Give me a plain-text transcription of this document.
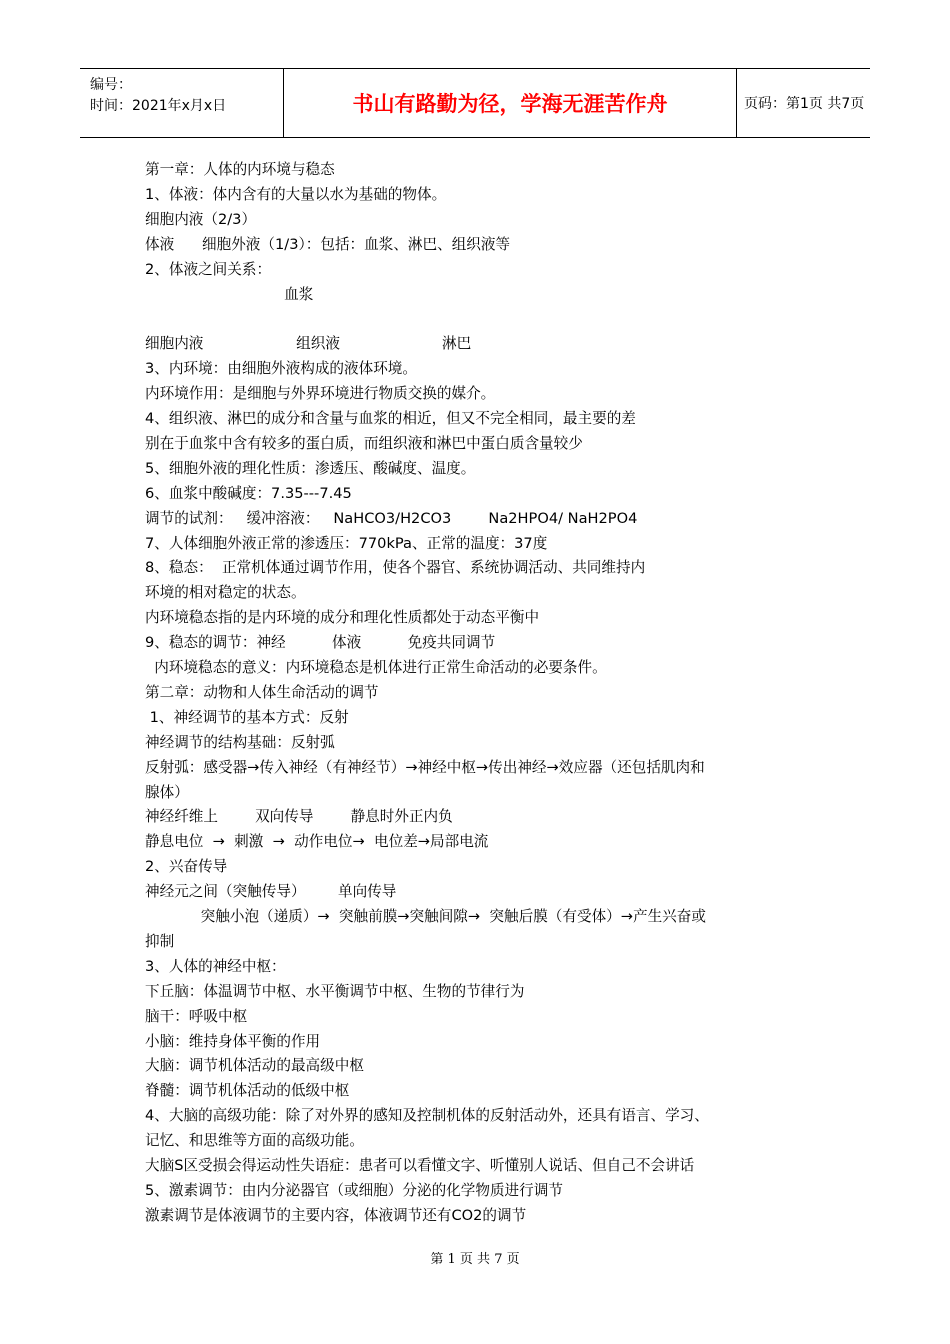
编号：
时间：2021年x月x日	书山有路勤为径，学海无涯苦作舟	页码：第1页 共7页
第一章：人体的内环境与稳态
1、体液：体内含有的大量以水为基础的物体。
细胞内液（2/3）
体液      细胞外液（1/3）：包括：血浆、淋巴、组织液等
2、体液之间关系：
血浆
细胞内液                    组织液                      淋巴
3、内环境：由细胞外液构成的液体环境。
内环境作用：是细胞与外界环境进行物质交换的媒介。
4、组织液、淋巴的成分和含量与血浆的相近，但又不完全相同，最主要的差
别在于血浆中含有较多的蛋白质，而组织液和淋巴中蛋白质含量较少
5、细胞外液的理化性质：渗透压、酸碱度、温度。
6、血浆中酸碱度：7.35---7.45
调节的试剂：   缓冲溶液：   NaHCO3/H2CO3        Na2HPO4/ NaH2PO4
7、人体细胞外液正常的渗透压：770kPa、正常的温度：37度
8、稳态：  正常机体通过调节作用，使各个器官、系统协调活动、共同维持内
环境的相对稳定的状态。
内环境稳态指的是内环境的成分和理化性质都处于动态平衡中
9、稳态的调节：神经          体液          免疫共同调节
内环境稳态的意义：内环境稳态是机体进行正常生命活动的必要条件。
第二章：动物和人体生命活动的调节
1、神经调节的基本方式：反射
神经调节的结构基础：反射弧
反射弧：感受器→传入神经（有神经节）→神经中枢→传出神经→效应器（还包括肌肉和
腺体）
神经纤维上        双向传导        静息时外正内负
静息电位  →  刺激  →  动作电位→  电位差→局部电流
2、兴奋传导
神经元之间（突触传导）       单向传导
突触小泡（递质）→  突触前膜→突触间隙→  突触后膜（有受体）→产生兴奋或
抑制
3、人体的神经中枢：
下丘脑：体温调节中枢、水平衡调节中枢、生物的节律行为
脑干：呼吸中枢
小脑：维持身体平衡的作用
大脑：调节机体活动的最高级中枢
脊髓：调节机体活动的低级中枢
4、大脑的高级功能：除了对外界的感知及控制机体的反射活动外，还具有语言、学习、
记忆、和思维等方面的高级功能。
大脑S区受损会得运动性失语症：患者可以看懂文字、听懂别人说话、但自己不会讲话
5、激素调节：由内分泌器官（或细胞）分泌的化学物质进行调节
激素调节是体液调节的主要内容，体液调节还有CO2的调节
第 1 页 共 7 页
